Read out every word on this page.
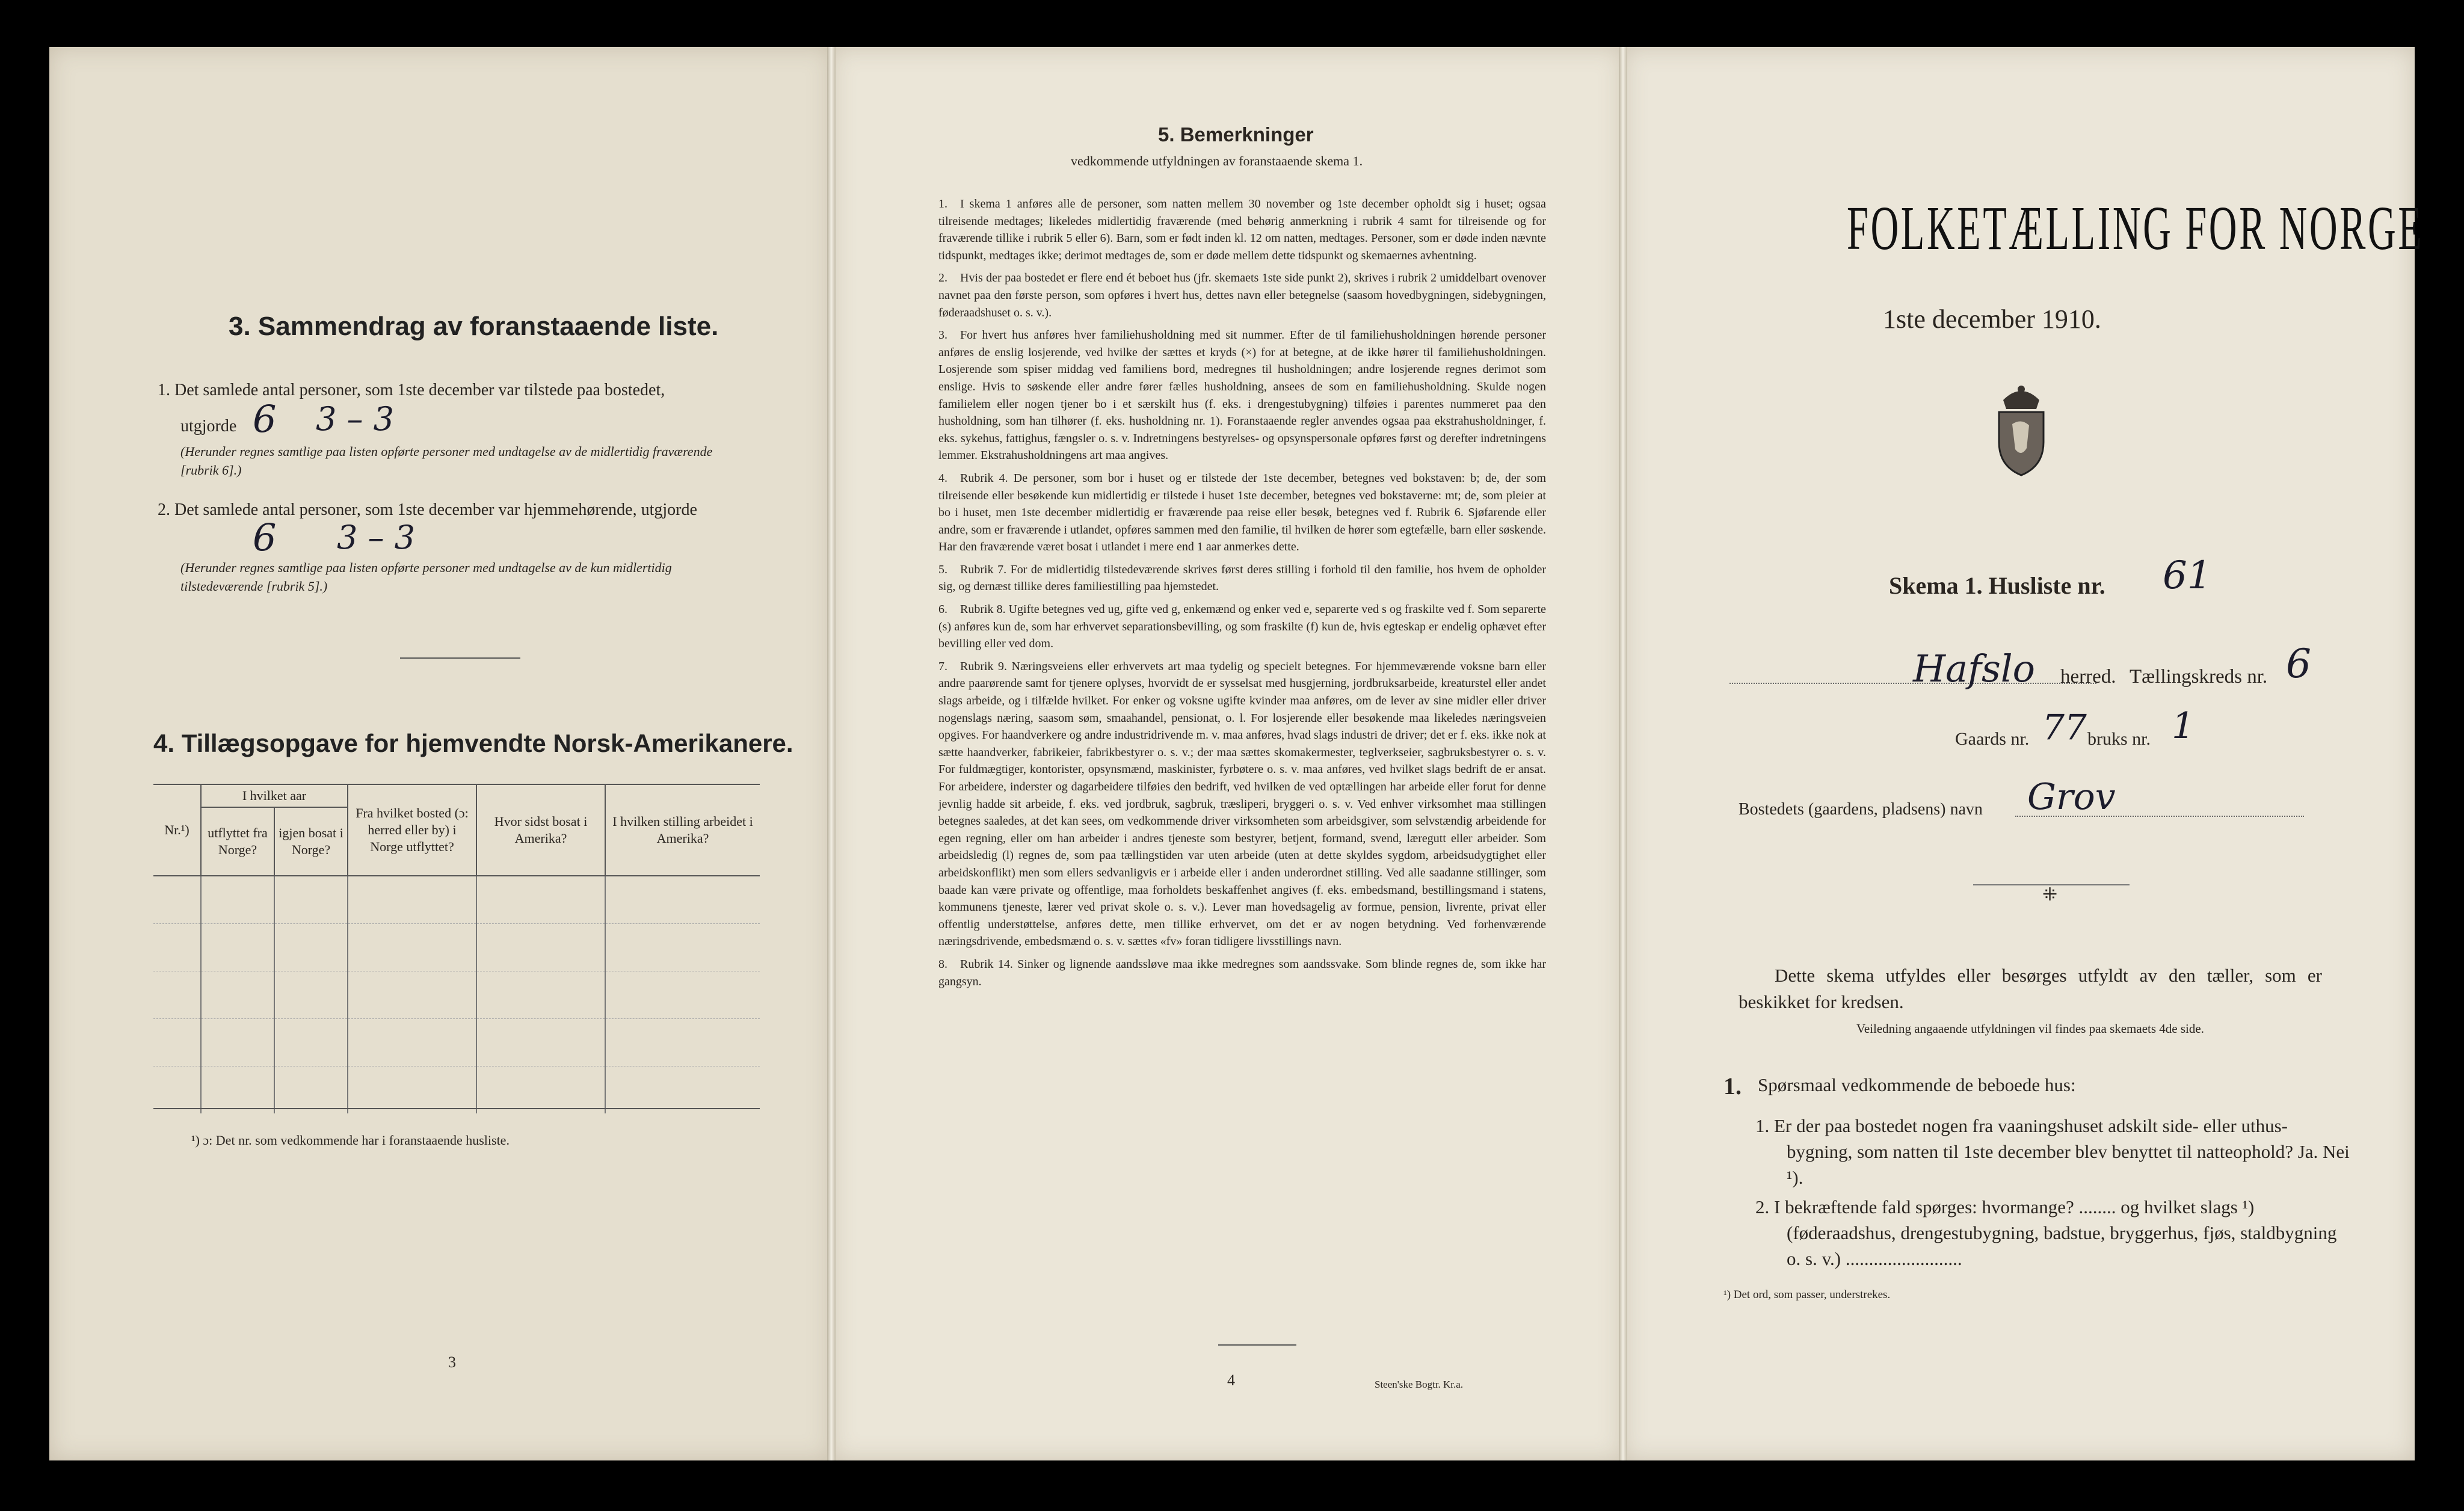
3. Sammendrag av foranstaaende liste.
1. Det samlede antal personer, som 1ste december var tilstede paa bostedet,
utgjorde 6 3 – 3
(Herunder regnes samtlige paa listen opførte personer med undtagelse av de midlertidig fraværende [rubrik 6].)
2. Det samlede antal personer, som 1ste december var hjemmehørende, utgjorde
6 3 – 3
(Herunder regnes samtlige paa listen opførte personer med undtagelse av de kun midlertidig tilstedeværende [rubrik 5].)
4. Tillægsopgave for hjemvendte Norsk-Amerikanere.
Nr.¹)	I hvilket aar		Fra hvilket bosted (ɔ: herred eller by) i Norge utflyttet?	Hvor sidst bosat i Amerika?	I hvilken stilling arbeidet i Amerika?
	utflyttet fra Norge?	igjen bosat i Norge?			

¹) ɔ: Det nr. som vedkommende har i foranstaaende husliste.
3
5. Bemerkninger
vedkommende utfyldningen av foranstaaende skema 1.

1. I skema 1 anføres alle de personer, som natten mellem 30 november og 1ste december opholdt sig i huset; ogsaa tilreisende medtages; likeledes midlertidig fraværende (med behørig anmerkning i rubrik 4 samt for tilreisende og for fraværende tillike i rubrik 5 eller 6). Barn, som er født inden kl. 12 om natten, medtages. Personer, som er døde inden nævnte tidspunkt, medtages ikke; derimot medtages de, som er døde mellem dette tidspunkt og skemaernes avhentning.

2. Hvis der paa bostedet er flere end ét beboet hus (jfr. skemaets 1ste side punkt 2), skrives i rubrik 2 umiddelbart ovenover navnet paa den første person, som opføres i hvert hus, dettes navn eller betegnelse (saasom hovedbygningen, sidebygningen, føderaadshuset o. s. v.).

3. For hvert hus anføres hver familiehusholdning med sit nummer. Efter de til familiehusholdningen hørende personer anføres de enslig losjerende, ved hvilke der sættes et kryds (×) for at betegne, at de ikke hører til familiehusholdningen. Losjerende som spiser middag ved familiens bord, medregnes til husholdningen; andre losjerende regnes derimot som enslige. Hvis to søskende eller andre fører fælles husholdning, ansees de som en familiehusholdning. Skulde nogen familielem eller nogen tjener bo i et særskilt hus (f. eks. i drengestubygning) tilføies i parentes nummeret paa den husholdning, som han tilhører (f. eks. husholdning nr. 1). Foranstaaende regler anvendes ogsaa paa ekstrahusholdninger, f. eks. sykehus, fattighus, fængsler o. s. v. Indretningens bestyrelses- og opsynspersonale opføres først og derefter indretningens lemmer. Ekstrahusholdningens art maa angives.

4. Rubrik 4. De personer, som bor i huset og er tilstede der 1ste december, betegnes ved bokstaven: b; de, der som tilreisende eller besøkende kun midlertidig er tilstede i huset 1ste december, betegnes ved bokstaverne: mt; de, som pleier at bo i huset, men 1ste december midlertidig er fraværende paa reise eller besøk, betegnes ved f. Rubrik 6. Sjøfarende eller andre, som er fraværende i utlandet, opføres sammen med den familie, til hvilken de hører som egtefælle, barn eller søskende. Har den fraværende været bosat i utlandet i mere end 1 aar anmerkes dette.

5. Rubrik 7. For de midlertidig tilstedeværende skrives først deres stilling i forhold til den familie, hos hvem de opholder sig, og dernæst tillike deres familiestilling paa hjemstedet.

6. Rubrik 8. Ugifte betegnes ved ug, gifte ved g, enkemænd og enker ved e, separerte ved s og fraskilte ved f. Som separerte (s) anføres kun de, som har erhvervet separationsbevilling, og som fraskilte (f) kun de, hvis egteskap er endelig ophævet efter bevilling eller ved dom.

7. Rubrik 9. Næringsveiens eller erhvervets art maa tydelig og specielt betegnes. For hjemmeværende voksne barn eller andre paarørende samt for tjenere oplyses, hvorvidt de er sysselsat med husgjerning, jordbruksarbeide, kreaturstel eller andet slags arbeide, og i tilfælde hvilket. For enker og voksne ugifte kvinder maa anføres, om de lever av sine midler eller driver nogenslags næring, saasom søm, smaahandel, pensionat, o. l. For losjerende eller besøkende maa likeledes næringsveien opgives. For haandverkere og andre industridrivende m. v. maa anføres, hvad slags industri de driver; det er f. eks. ikke nok at sætte haandverker, fabrikeier, fabrikbestyrer o. s. v.; der maa sættes skomakermester, teglverkseier, sagbruksbestyrer o. s. v. For fuldmægtiger, kontorister, opsynsmænd, maskinister, fyrbøtere o. s. v. maa anføres, ved hvilket slags bedrift de er ansat. For arbeidere, inderster og dagarbeidere tilføies den bedrift, ved hvilken de ved optællingen har arbeide eller forut for denne jevnlig hadde sit arbeide, f. eks. ved jordbruk, sagbruk, træsliperi, bryggeri o. s. v. Ved enhver virksomhet maa stillingen betegnes saaledes, at det kan sees, om vedkommende driver virksomheten som arbeidsgiver, som selvstændig arbeidende for egen regning, eller om han arbeider i andres tjeneste som bestyrer, betjent, formand, svend, læregutt eller arbeider. Som arbeidsledig (l) regnes de, som paa tællingstiden var uten arbeide (uten at dette skyldes sygdom, arbeidsudygtighet eller arbeidskonflikt) men som ellers sedvanligvis er i arbeide eller i anden underordnet stilling. Ved alle saadanne stillinger, som baade kan være private og offentlige, maa forholdets beskaffenhet angives (f. eks. embedsmand, bestillingsmand i statens, kommunens tjeneste, lærer ved privat skole o. s. v.). Lever man hovedsagelig av formue, pension, livrente, privat eller offentlig understøttelse, anføres dette, men tillike erhvervet, om det er av nogen betydning. Ved forhenværende næringsdrivende, embedsmænd o. s. v. sættes «fv» foran tidligere livsstillings navn.

8. Rubrik 14. Sinker og lignende aandssløve maa ikke medregnes som aandssvake. Som blinde regnes de, som ikke har gangsyn.

4	Steen'ske Bogtr. Kr.a.
FOLKETÆLLING FOR NORGE
1ste december 1910.
Skema 1. Husliste nr. 61
Hafslo herred. Tællingskreds nr. 6
Gaards nr. 77 bruks nr. 1
Bostedets (gaardens, pladsens) navn Grov
⁜
Dette skema utfyldes eller besørges utfyldt av den tæller, som er beskikket for kredsen.
Veiledning angaaende utfyldningen vil findes paa skemaets 4de side.
1. Spørsmaal vedkommende de beboede hus:
1. Er der paa bostedet nogen fra vaaningshuset adskilt side- eller uthus-bygning, som natten til 1ste december blev benyttet til natteophold? Ja. Nei ¹).
2. I bekræftende fald spørges: hvormange? ........ og hvilket slags ¹) (føderaadshus, drengestubygning, badstue, bryggerhus, fjøs, staldbygning o. s. v.) .........................
¹) Det ord, som passer, understrekes.
